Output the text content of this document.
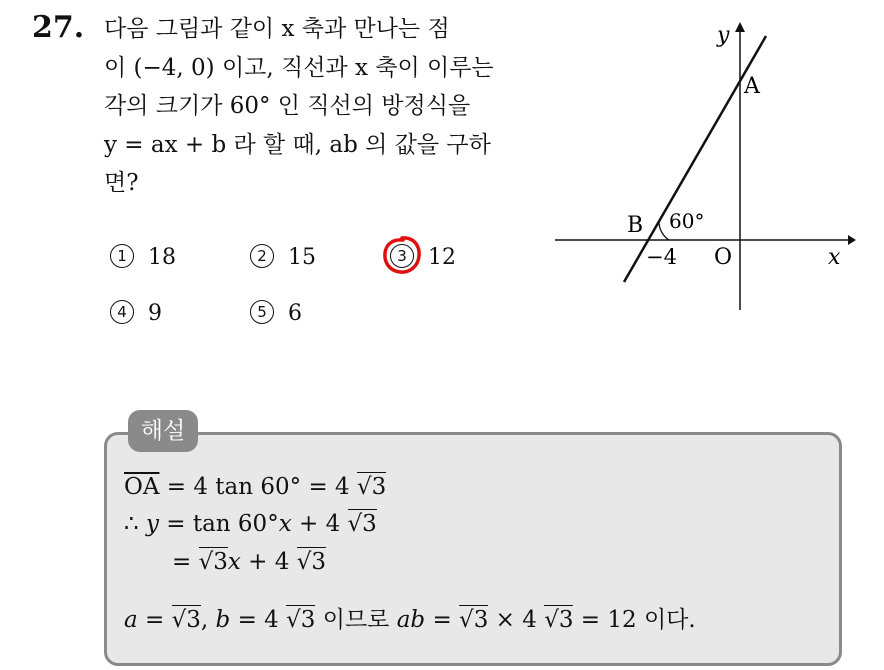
27. 다음 그림과 같이 x 축과 만나는 점
이 (−4, 0) 이고, 직선과 x 축이 이루는
각의 크기가 60° 인 직선의 방정식을
y = ax + b 라 할 때, ab 의 값을 구하
면?
1 18	2 15	3 12
4 9	5 6
y
x
A
B
O
−4
60°
해설
$\overline{OA} = 4$ tan 60° = 4 √3
∴ y = tan 60°x + 4 √3
= √3x + 4 √3
a = √3, b = 4 √3 이므로 ab = √3 × 4 √3 = 12 이다.
